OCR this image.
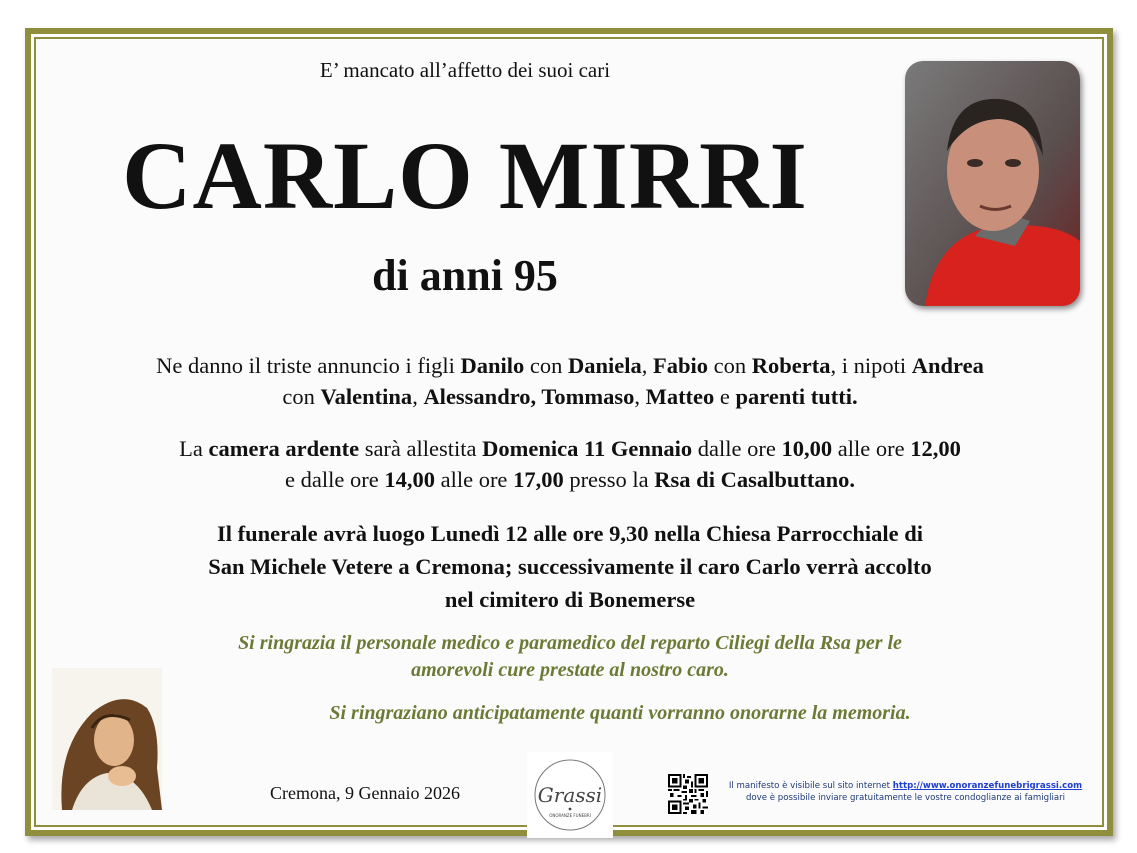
E’ mancato all’affetto dei suoi cari
CARLO MIRRI
di anni 95
Ne danno il triste annuncio i figli Danilo con Daniela, Fabio con Roberta, i nipoti Andrea
con Valentina, Alessandro, Tommaso, Matteo e parenti tutti.
La camera ardente sarà allestita Domenica 11 Gennaio dalle ore 10,00 alle ore 12,00
e dalle ore 14,00 alle ore 17,00 presso la Rsa di Casalbuttano.
Il funerale avrà luogo Lunedì 12 alle ore 9,30 nella Chiesa Parrocchiale di
San Michele Vetere a Cremona; successivamente il caro Carlo verrà accolto
nel cimitero di Bonemerse
Si ringrazia il personale medico e paramedico del reparto Ciliegi della Rsa per le
amorevoli cure prestate al nostro caro.
Si ringraziano anticipatamente quanti vorranno onorarne la memoria.
Cremona, 9 Gennaio 2026	Grassi
ONORANZE FUNEBRI
Il manifesto è visibile sul sito internet http://www.onoranzefunebrigrassi.com
dove è possibile inviare gratuitamente le vostre condoglianze ai famigliari
